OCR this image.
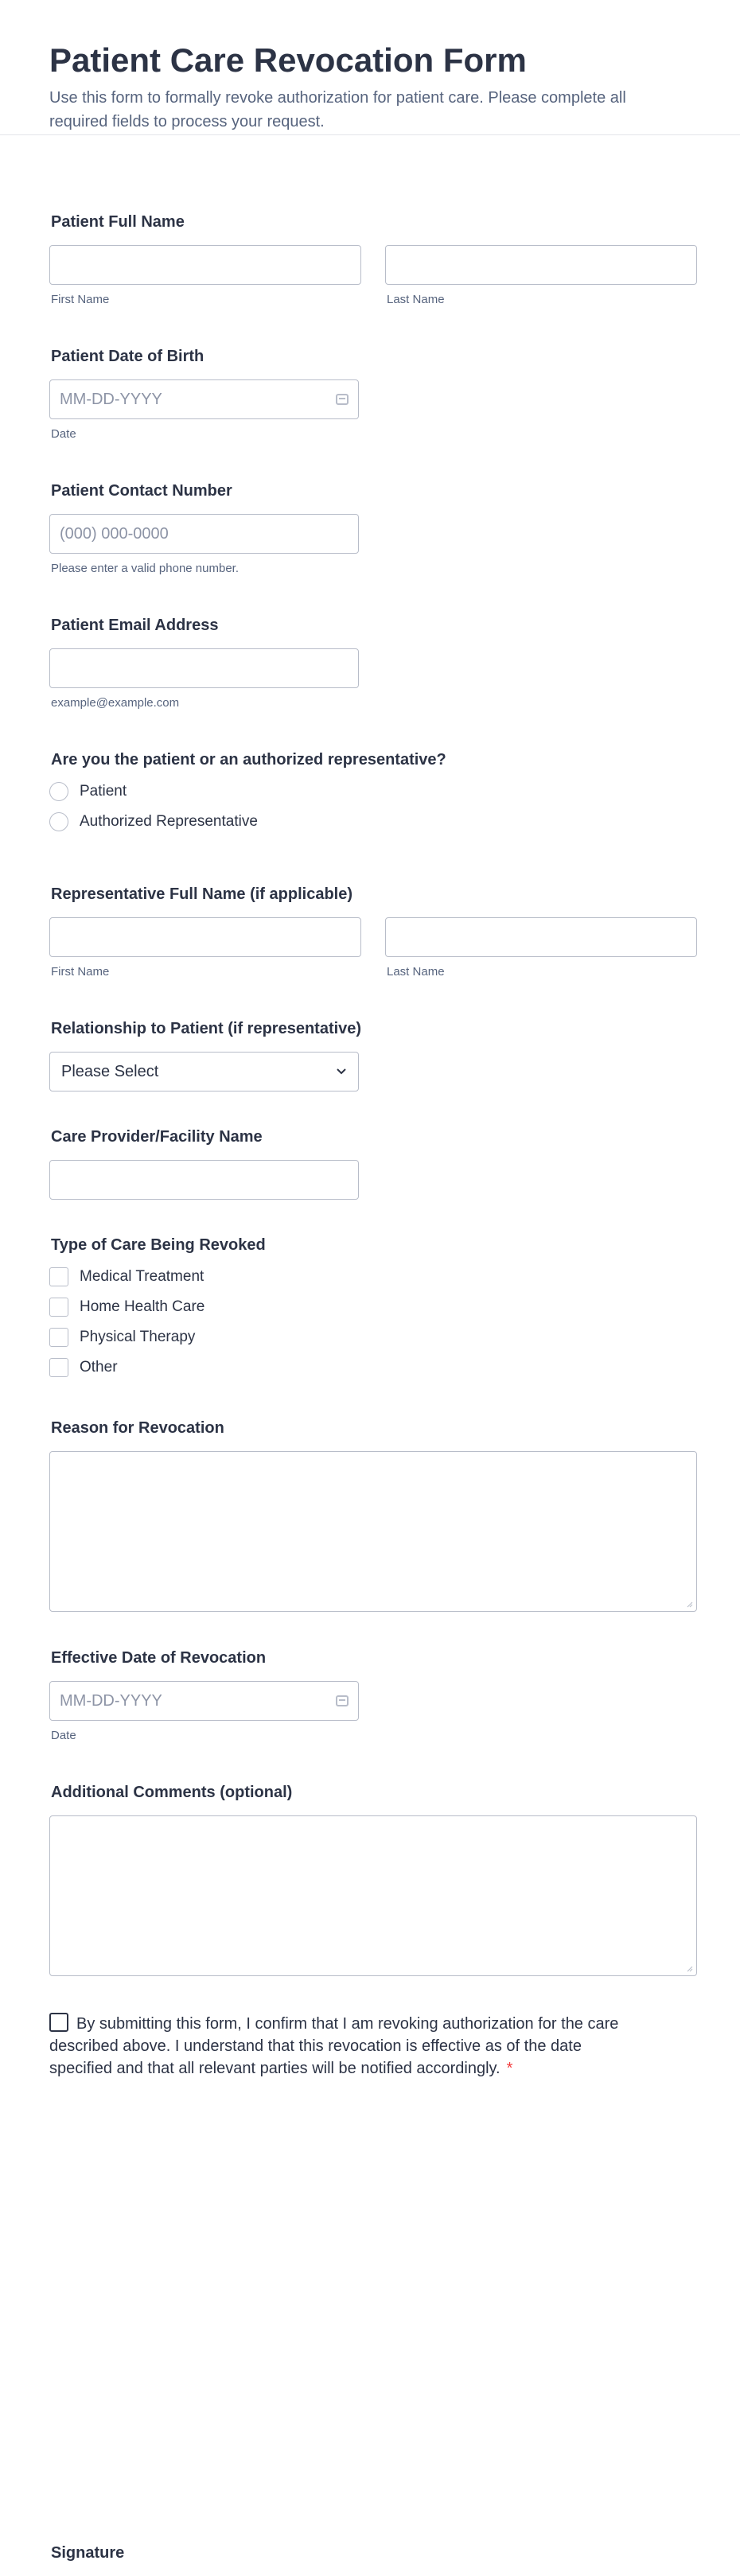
Patient Care Revocation Form

Use this form to formally revoke authorization for patient care. Please complete all required fields to process your request.

Patient Full Name
First Name	Last Name
Patient Date of Birth
MM-DD-YYYY
Date
Patient Contact Number
(000) 000-0000
Please enter a valid phone number.
Patient Email Address
example@example.com
Are you the patient or an authorized representative?
Patient
Authorized Representative
Representative Full Name (if applicable)
First Name	Last Name
Relationship to Patient (if representative)
Please Select
Care Provider/Facility Name
Type of Care Being Revoked
Medical Treatment
Home Health Care
Physical Therapy
Other
Reason for Revocation
Effective Date of Revocation
MM-DD-YYYY
Date
Additional Comments (optional)
By submitting this form, I confirm that I am revoking authorization for the care described above. I understand that this revocation is effective as of the date specified and that all relevant parties will be notified accordingly. *
Signature
